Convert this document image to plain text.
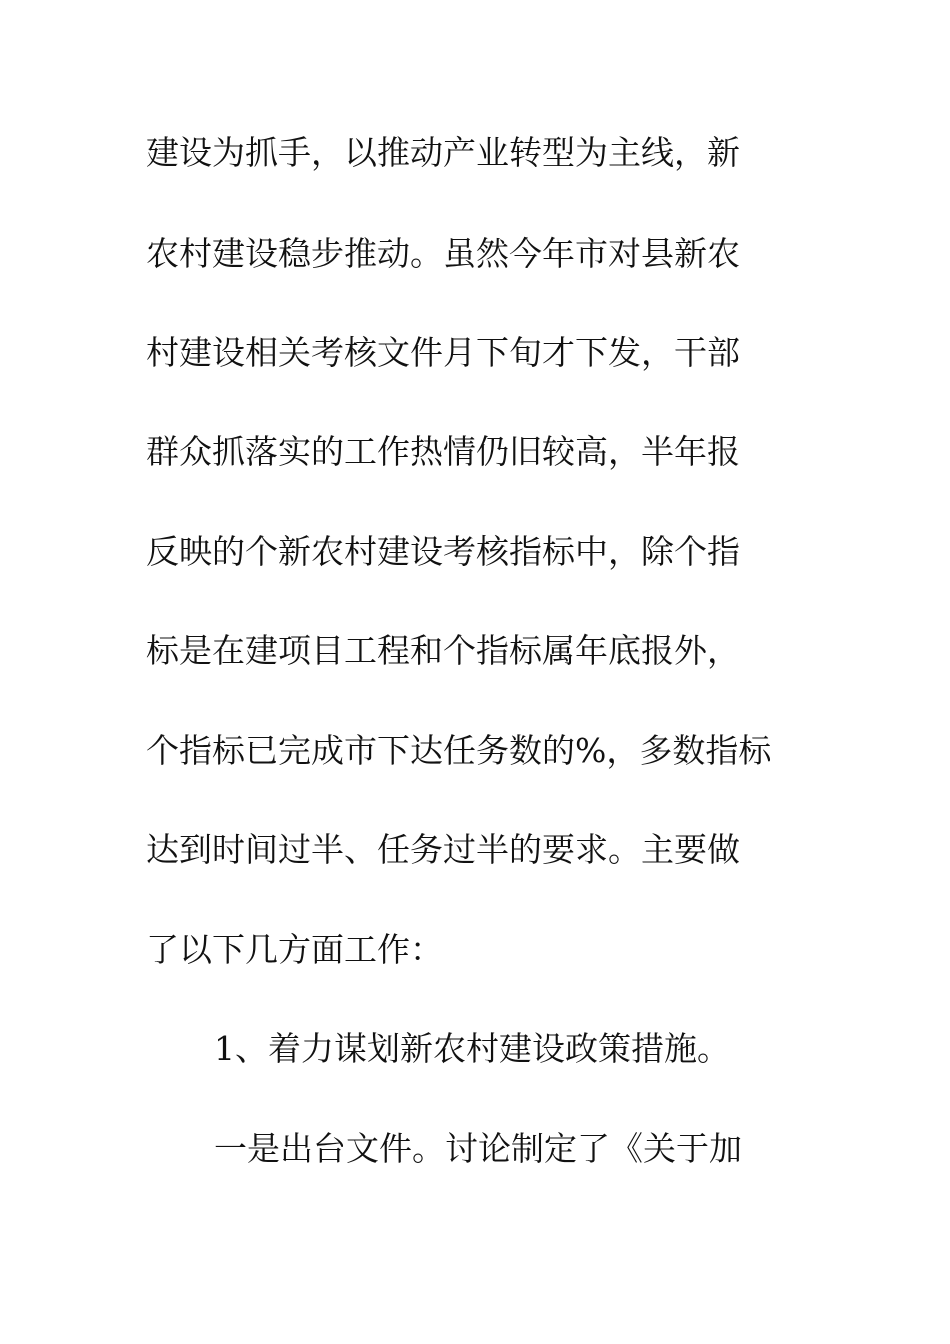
建设为抓手，以推动产业转型为主线，新
农村建设稳步推动。虽然今年市对县新农
村建设相关考核文件月下旬才下发，干部
群众抓落实的工作热情仍旧较高，半年报
反映的个新农村建设考核指标中，除个指
标是在建项目工程和个指标属年底报外，
个指标已完成市下达任务数的%，多数指标
达到时间过半、任务过半的要求。主要做
了以下几方面工作：
1、着力谋划新农村建设政策措施。
一是出台文件。讨论制定了《关于加
